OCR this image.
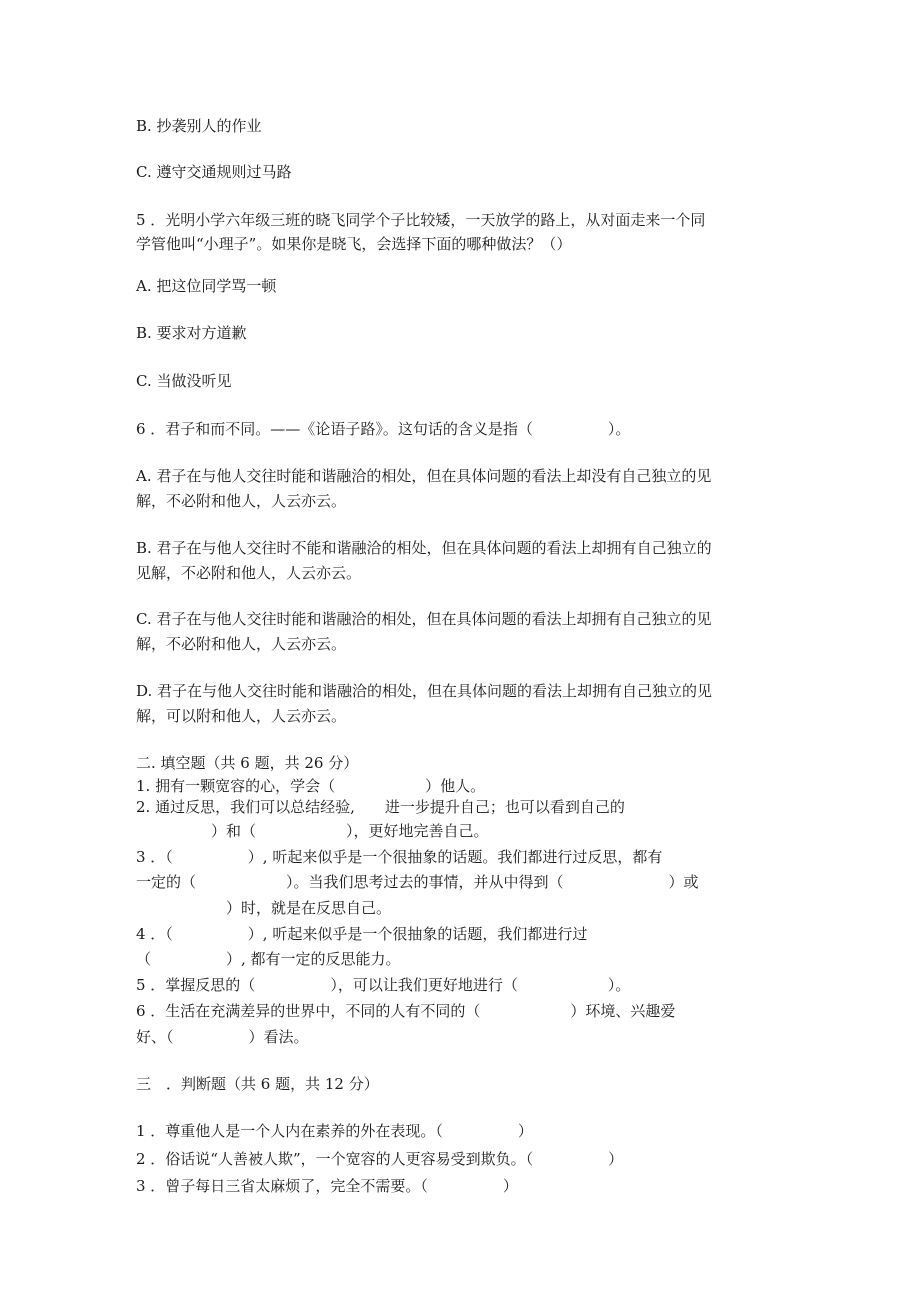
B. 抄袭别人的作业

C. 遵守交通规则过马路

5 ．光明小学六年级三班的晓飞同学个子比较矮，一天放学的路上，从对面走来一个同

学管他叫“小理子”。如果你是晓飞，会选择下面的哪种做法？（）

A. 把这位同学骂一顿

B. 要求对方道歉

C. 当做没听见

6 ．君子和而不同。——《论语子路》。这句话的含义是指（　　　　　）。

A. 君子在与他人交往时能和谐融洽的相处，但在具体问题的看法上却没有自己独立的见

解，不必附和他人，人云亦云。

B. 君子在与他人交往时不能和谐融洽的相处，但在具体问题的看法上却拥有自己独立的

见解，不必附和他人，人云亦云。

C. 君子在与他人交往时能和谐融洽的相处，但在具体问题的看法上却拥有自己独立的见

解，不必附和他人，人云亦云。

D. 君子在与他人交往时能和谐融洽的相处，但在具体问题的看法上却拥有自己独立的见

解，可以附和他人，人云亦云。

二. 填空题（共 6 题，共 26 分）

1. 拥有一颗宽容的心，学会（　　　　　　）他人。

2. 通过反思，我们可以总结经验,　　进一步提升自己；也可以看到自己的

　　　　　）和（　　　　　　），更好地完善自己。

3 ．（　　　　　）, 听起来似乎是一个很抽象的话题。我们都进行过反思，都有

一定的（　　　　　　）。当我们思考过去的事情，并从中得到（　　　　　　　）或

　　　　　　）时，就是在反思自己。

4 ．（　　　　　）, 听起来似乎是一个很抽象的话题，我们都进行过

（　　　　　）, 都有一定的反思能力。

5 ．掌握反思的（　　　　　），可以让我们更好地进行（　　　　　　）。

6 ．生活在充满差异的世界中，不同的人有不同的（　　　　　　）环境、兴趣爱

好、（　　　　　）看法。

三　．判断题（共 6 题，共 12 分）

1 ．尊重他人是一个人内在素养的外在表现。（　　　　　）

2 ．俗话说“人善被人欺”，一个宽容的人更容易受到欺负。（　　　　　）

3 ．曾子每日三省太麻烦了，完全不需要。（　　　　　）
